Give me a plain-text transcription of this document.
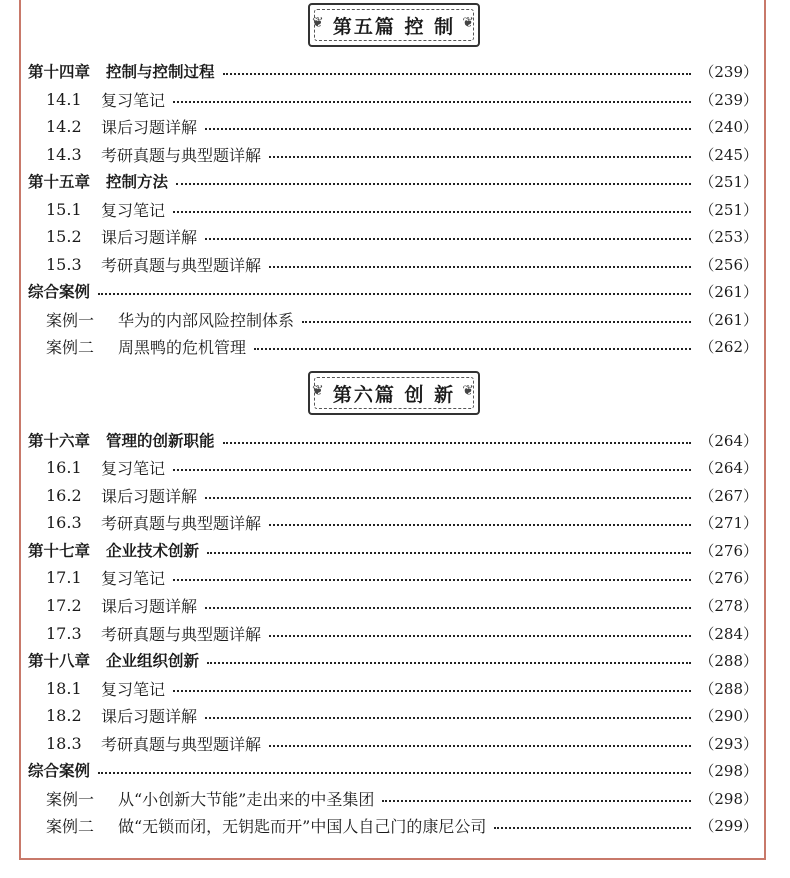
❦ 第五篇 控 制 ❦
第十四章 控制与控制过程	（239）
14.1	复习笔记	（239）
14.2	课后习题详解	（240）
14.3	考研真题与典型题详解	（245）
第十五章 控制方法	（251）
15.1	复习笔记	（251）
15.2	课后习题详解	（253）
15.3	考研真题与典型题详解	（256）
综合案例	（261）
案例一	华为的内部风险控制体系	（261）
案例二	周黑鸭的危机管理	（262）
❦ 第六篇 创 新 ❦
第十六章 管理的创新职能	（264）
16.1	复习笔记	（264）
16.2	课后习题详解	（267）
16.3	考研真题与典型题详解	（271）
第十七章 企业技术创新	（276）
17.1	复习笔记	（276）
17.2	课后习题详解	（278）
17.3	考研真题与典型题详解	（284）
第十八章 企业组织创新	（288）
18.1	复习笔记	（288）
18.2	课后习题详解	（290）
18.3	考研真题与典型题详解	（293）
综合案例	（298）
案例一	从“小创新大节能”走出来的中圣集团	（298）
案例二	做“无锁而闭，无钥匙而开”中国人自己门的康尼公司	（299）
